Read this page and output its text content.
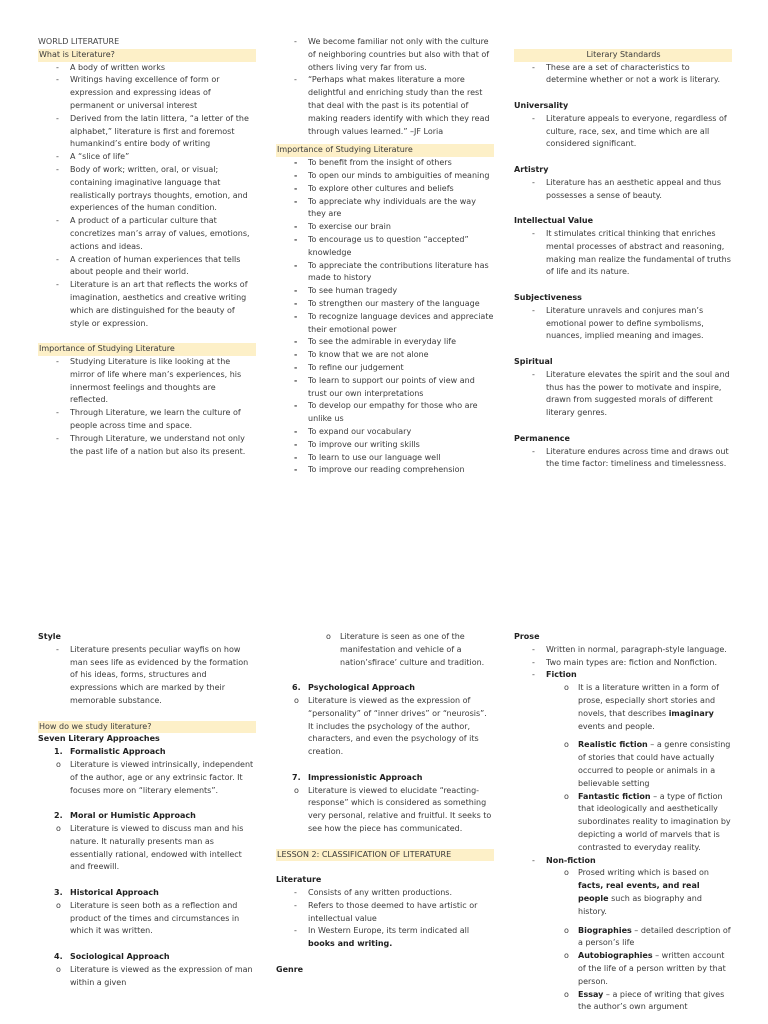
WORLD LITERATURE
What is Literature?
- A body of written works
- Writings having excellence of form or expression and expressing ideas of permanent or universal interest
- Derived from the latin littera, “a letter of the alphabet,” literature is first and foremost humankind’s entire body of writing
- A “slice of life”
- Body of work; written, oral, or visual; containing imaginative language that realistically portrays thoughts, emotion, and experiences of the human condition.
- A product of a particular culture that concretizes man’s array of values, emotions, actions and ideas.
- A creation of human experiences that tells about people and their world.
- Literature is an art that reflects the works of imagination, aesthetics and creative writing which are distinguished for the beauty of style or expression.
Importance of Studying Literature
- Studying Literature is like looking at the mirror of life where man’s experiences, his innermost feelings and thoughts are reflected.
- Through Literature, we learn the culture of people across time and space.
- Through Literature, we understand not only the past life of a nation but also its present.
- We become familiar not only with the culture of neighboring countries but also with that of others living very far from us.
- “Perhaps what makes literature a more delightful and enriching study than the rest that deal with the past is its potential of making readers identify with which they read through values learned.” –JF Loria
Importance of Studying Literature
- To benefit from the insight of others
- To open our minds to ambiguities of meaning
- To explore other cultures and beliefs
- To appreciate why individuals are the way they are
- To exercise our brain
- To encourage us to question “accepted” knowledge
- To appreciate the contributions literature has made to history
- To see human tragedy
- To strengthen our mastery of the language
- To recognize language devices and appreciate their emotional power
- To see the admirable in everyday life
- To know that we are not alone
- To refine our judgement
- To learn to support our points of view and trust our own interpretations
- To develop our empathy for those who are unlike us
- To expand our vocabulary
- To improve our writing skills
- To learn to use our language well
- To improve our reading comprehension
Literary Standards
- These are a set of characteristics to determine whether or not a work is literary.
Universality
- Literature appeals to everyone, regardless of culture, race, sex, and time which are all considered significant.
Artistry
- Literature has an aesthetic appeal and thus possesses a sense of beauty.
Intellectual Value
- It stimulates critical thinking that enriches mental processes of abstract and reasoning, making man realize the fundamental of truths of life and its nature.
Subjectiveness
- Literature unravels and conjures man’s emotional power to define symbolisms, nuances, implied meaning and images.
Spiritual
- Literature elevates the spirit and the soul and thus has the power to motivate and inspire, drawn from suggested morals of different literary genres.
Permanence
- Literature endures across time and draws out the time factor: timeliness and timelessness.
Style
- Literature presents peculiar wayfis on how man sees life as evidenced by the formation of his ideas, forms, structures and expressions which are marked by their memorable substance.
How do we study literature?
Seven Literary Approaches
1. Formalistic Approach
o Literature is viewed intrinsically, independent of the author, age or any extrinsic factor. It focuses more on “literary elements”.
2. Moral or Humistic Approach
o Literature is viewed to discuss man and his nature. It naturally presents man as essentially rational, endowed with intellect and freewill.
3. Historical Approach
o Literature is seen both as a reflection and product of the times and circumstances in which it was written.
4. Sociological Approach
o Literature is viewed as the expression of man within a given
o Literature is seen as one of the manifestation and vehicle of a nation’sfirace’ culture and tradition.
6. Psychological Approach
o Literature is viewed as the expression of “personality” of “inner drives” or “neurosis”. It includes the psychology of the author, characters, and even the psychology of its creation.
7. Impressionistic Approach
o Literature is viewed to elucidate “reacting-response” which is considered as something very personal, relative and fruitful. It seeks to see how the piece has communicated.
LESSON 2: CLASSIFICATION OF LITERATURE
Literature
- Consists of any written productions.
- Refers to those deemed to have artistic or intellectual value
- In Western Europe, its term indicated all books and writing.
Genre
Prose
- Written in normal, paragraph-style language.
- Two main types are: fiction and Nonfiction.
- Fiction
o It is a literature written in a form of prose, especially short stories and novels, that describes imaginary events and people.
o Realistic fiction – a genre consisting of stories that could have actually occurred to people or animals in a believable setting
o Fantastic fiction – a type of fiction that ideologically and aesthetically subordinates reality to imagination by depicting a world of marvels that is contrasted to everyday reality.
- Non-fiction
o Prosed writing which is based on facts, real events, and real people such as biography and history.
o Biographies – detailed description of a person’s life
o Autobiographies – written account of the life of a person written by that person.
o Essay – a piece of writing that gives the author’s own argument
